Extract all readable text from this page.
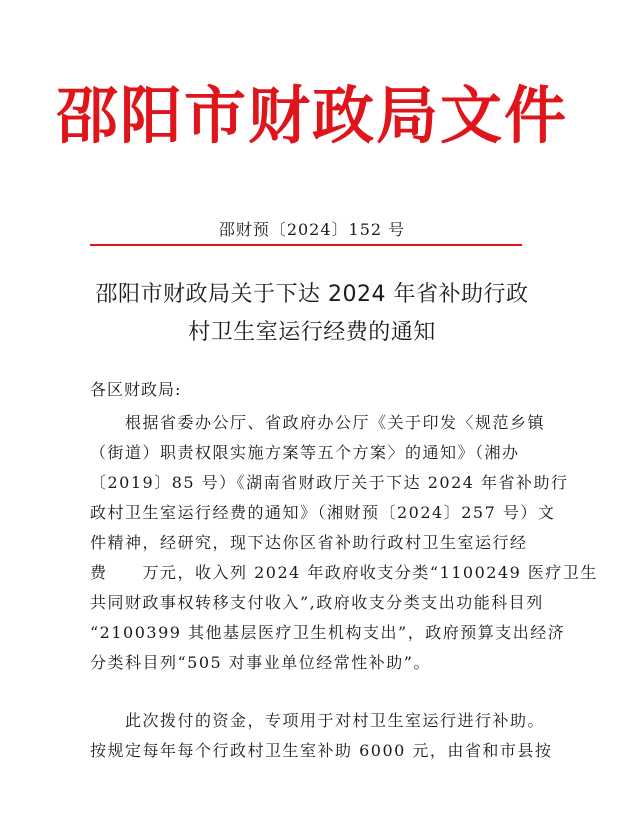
邵阳市财政局文件
邵财预〔2024〕152 号
邵阳市财政局关于下达 2024 年省补助行政
村卫生室运行经费的通知
各区财政局:
　　根据省委办公厅、省政府办公厅《关于印发〈规范乡镇
（街道）职责权限实施方案等五个方案〉的通知》（湘办
〔2019〕85 号）《湖南省财政厅关于下达 2024 年省补助行
政村卫生室运行经费的通知》（湘财预〔2024〕257 号）文
件精神，经研究，现下达你区省补助行政村卫生室运行经
费　　万元，收入列 2024 年政府收支分类“1100249 医疗卫生
共同财政事权转移支付收入”,政府收支分类支出功能科目列
“2100399 其他基层医疗卫生机构支出”，政府预算支出经济
分类科目列“505 对事业单位经常性补助”。
　　此次拨付的资金，专项用于对村卫生室运行进行补助。
按规定每年每个行政村卫生室补助 6000 元，由省和市县按
